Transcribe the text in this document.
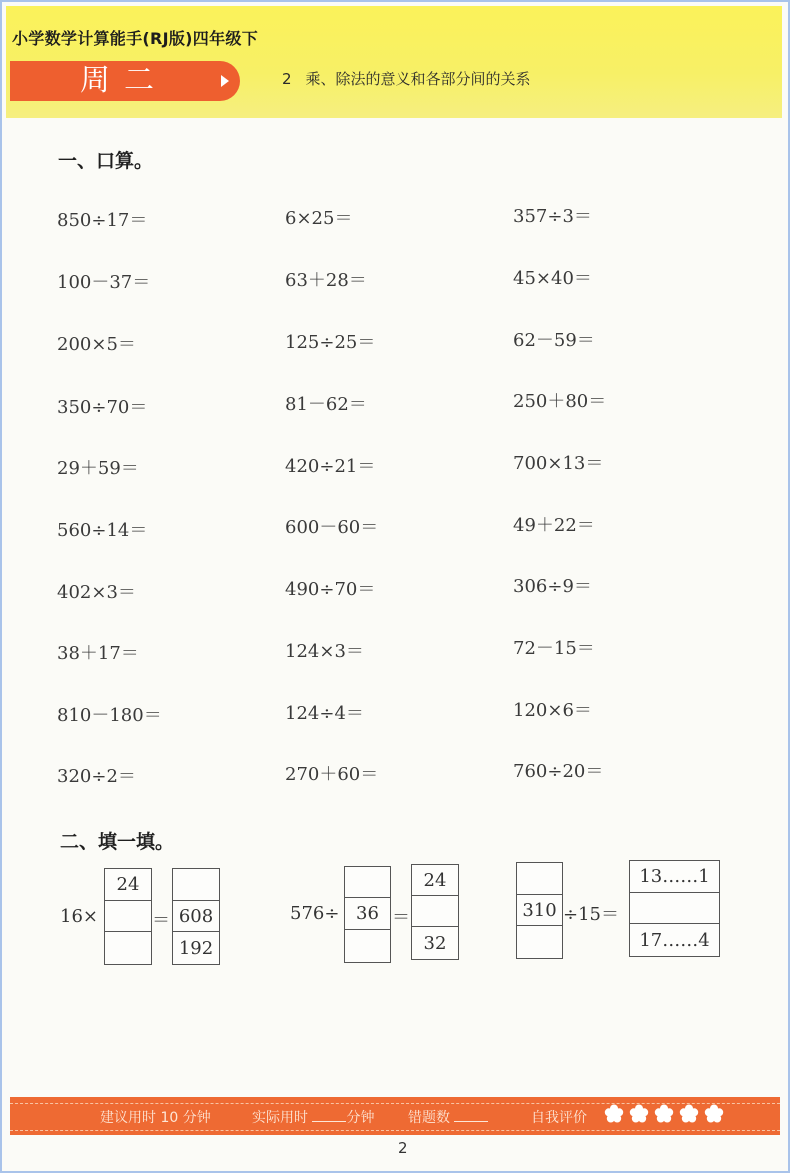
小学数学计算能手(RJ版)四年级下
周二	2 乘、除法的意义和各部分间的关系
一、口算。
850÷17＝
100－37＝
200×5＝
350÷70＝
29＋59＝
560÷14＝
402×3＝
38＋17＝
810－180＝
320÷2＝
6×25＝
63＋28＝
125÷25＝
81－62＝
420÷21＝
600－60＝
490÷70＝
124×3＝
124÷4＝
270＋60＝
357÷3＝
45×40＝
62－59＝
250＋80＝
700×13＝
49＋22＝
306÷9＝
72－15＝
120×6＝
760÷20＝
二、填一填。
16×
24
＝ 608
192
576÷ 36 ＝
24
32
310 ÷15＝
13……1
17……4
建议用时 10 分钟	实际用时	分钟 错题数	自我评价
2
